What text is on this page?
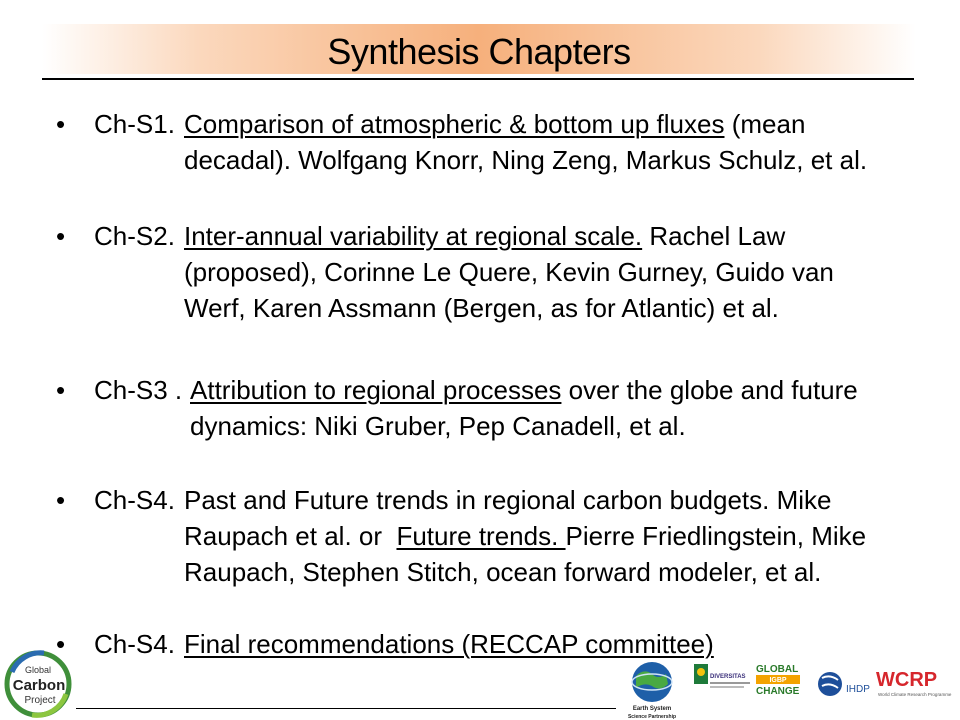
Synthesis Chapters
•	Ch-S1. Comparison of atmospheric & bottom up fluxes (mean
decadal). Wolfgang Knorr, Ning Zeng, Markus Schulz, et al.
•	Ch-S2. Inter-annual variability at regional scale. Rachel Law
(proposed), Corinne Le Quere, Kevin Gurney, Guido van
Werf, Karen Assmann (Bergen, as for Atlantic) et al.
•	Ch-S3 . Attribution to regional processes over the globe and future
dynamics: Niki Gruber, Pep Canadell, et al.
•	Ch-S4. Past and Future trends in regional carbon budgets. Mike
Raupach et al. or  Future trends. Pierre Friedlingstein, Mike
Raupach, Stephen Stitch, ocean forward modeler, et al.
•	Ch-S4. Final recommendations (RECCAP committee)
Global
Carbon
Project
Earth System
Science Partnership
DIVERSITAS
GLOBAL
IGBP
CHANGE	IHDP WCRP
World Climate Research Programme
